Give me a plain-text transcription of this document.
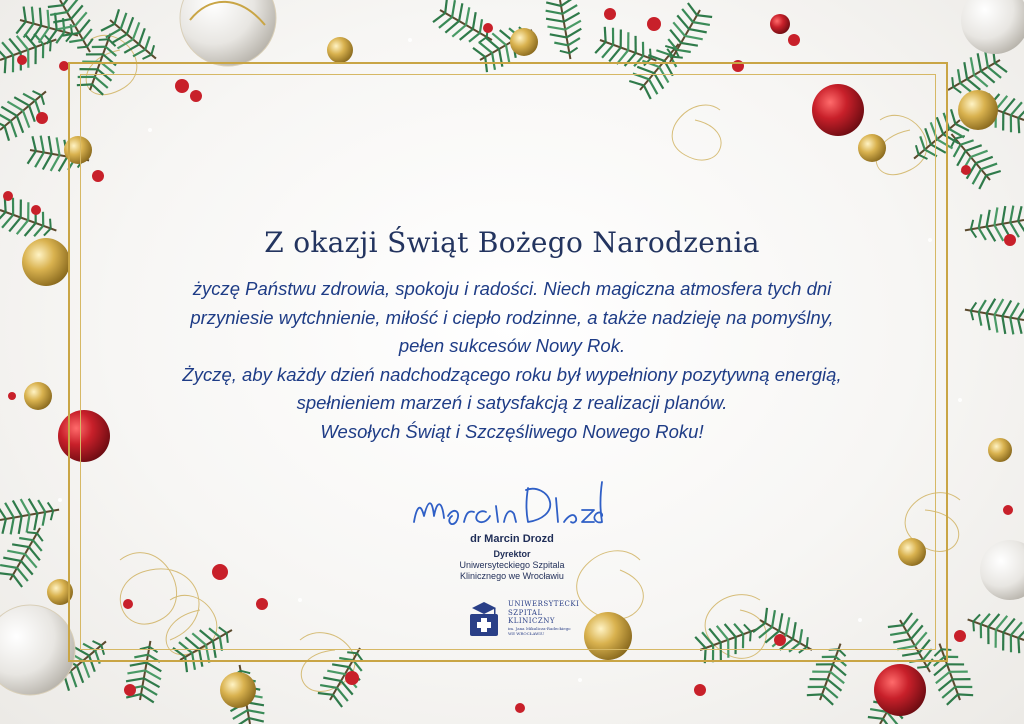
Z okazji Świąt Bożego Narodzenia
życzę Państwu zdrowia, spokoju i radości. Niech magiczna atmosfera tych dni
przyniesie wytchnienie, miłość i ciepło rodzinne, a także nadzieję na pomyślny,
pełen sukcesów Nowy Rok.
Życzę, aby każdy dzień nadchodzącego roku był wypełniony pozytywną energią,
spełnieniem marzeń i satysfakcją z realizacji planów.
Wesołych Świąt i Szczęśliwego Nowego Roku!
dr Marcin Drozd
Dyrektor
Uniwersyteckiego Szpitala
Klinicznego we Wrocławiu
UNIWERSYTECKI
SZPITAL KLINICZNY
im. Jana Mikulicza-Radeckiego
WE WROCŁAWIU
